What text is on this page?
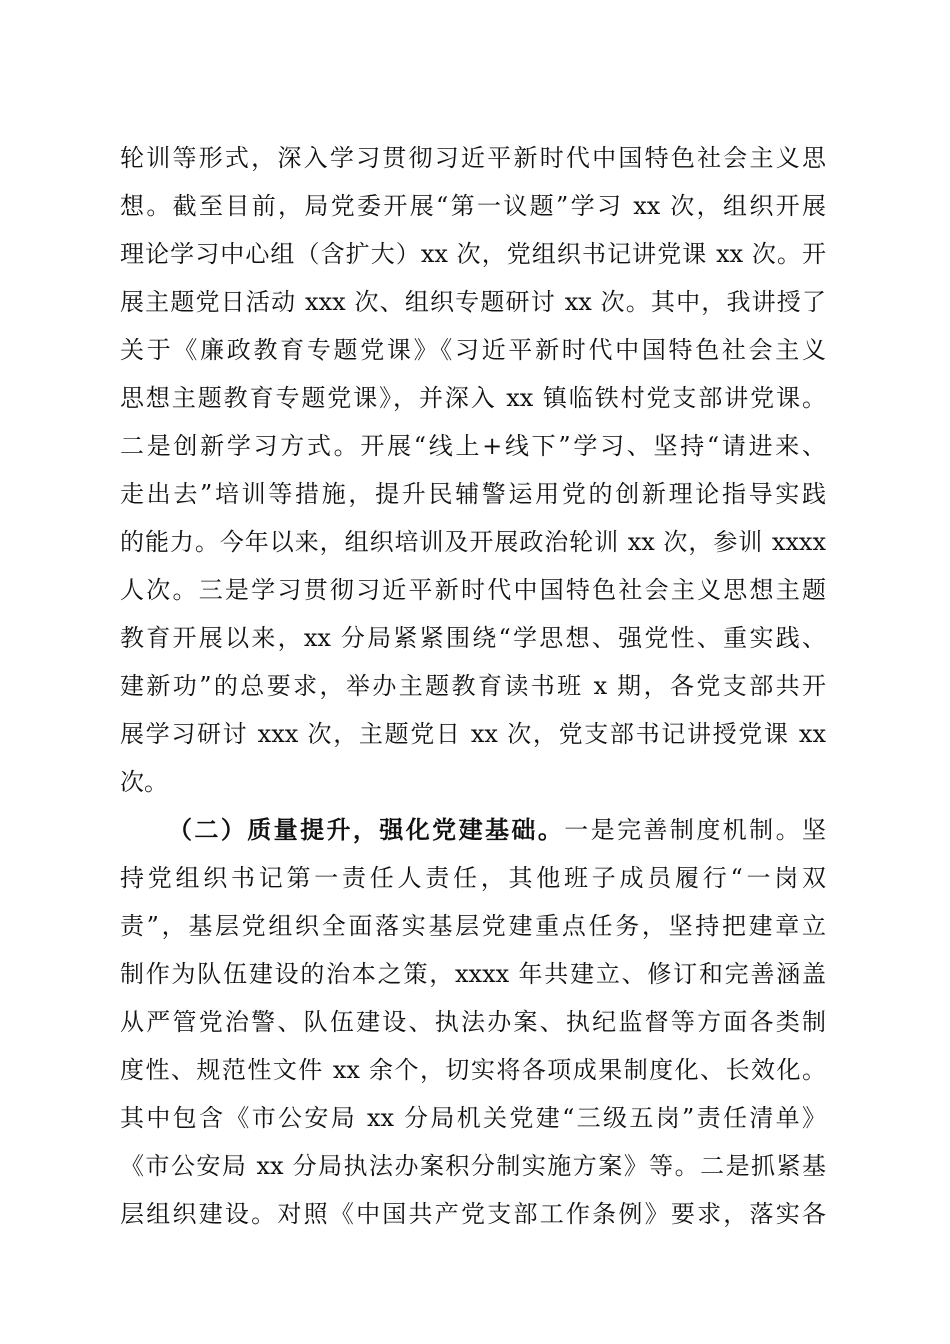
轮训等形式，深入学习贯彻习近平新时代中国特色社会主义思

想。截至目前，局党委开展“第一议题”学习 xx 次，组织开展

理论学习中心组（含扩大）xx 次，党组织书记讲党课 xx 次。开

展主题党日活动 xxx 次、组织专题研讨 xx 次。其中，我讲授了

关于《廉政教育专题党课》《习近平新时代中国特色社会主义

思想主题教育专题党课》，并深入 xx 镇临铁村党支部讲党课。

二是创新学习方式。开展“线上+线下”学习、坚持“请进来、

走出去”培训等措施，提升民辅警运用党的创新理论指导实践

的能力。今年以来，组织培训及开展政治轮训 xx 次，参训 xxxx

人次。三是学习贯彻习近平新时代中国特色社会主义思想主题

教育开展以来，xx 分局紧紧围绕“学思想、强党性、重实践、

建新功”的总要求，举办主题教育读书班 x 期，各党支部共开

展学习研讨 xxx 次，主题党日 xx 次，党支部书记讲授党课 xx

次。

（二）质量提升，强化党建基础。一是完善制度机制。坚

持党组织书记第一责任人责任，其他班子成员履行“一岗双

责”，基层党组织全面落实基层党建重点任务，坚持把建章立

制作为队伍建设的治本之策，xxxx 年共建立、修订和完善涵盖

从严管党治警、队伍建设、执法办案、执纪监督等方面各类制

度性、规范性文件 xx 余个，切实将各项成果制度化、长效化。

其中包含《市公安局 xx 分局机关党建“三级五岗”责任清单》

《市公安局 xx 分局执法办案积分制实施方案》等。二是抓紧基

层组织建设。对照《中国共产党支部工作条例》要求，落实各
